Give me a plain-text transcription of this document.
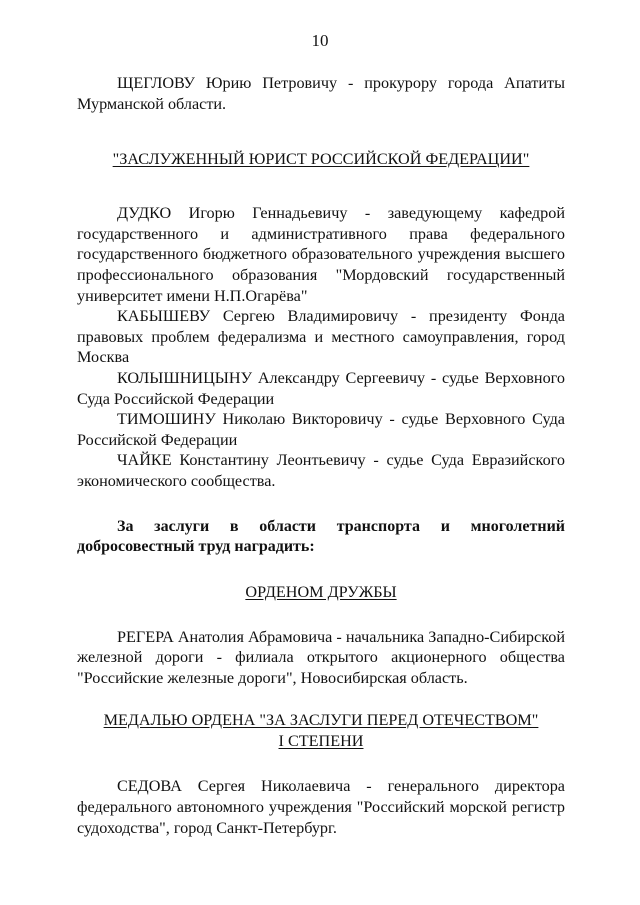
10

ЩЕГЛОВУ Юрию Петровичу - прокурору города Апатиты Мурманской области.

"ЗАСЛУЖЕННЫЙ ЮРИСТ РОССИЙСКОЙ ФЕДЕРАЦИИ"

ДУДКО Игорю Геннадьевичу - заведующему кафедрой государственного и административного права федерального государственного бюджетного образовательного учреждения высшего профессионального образования "Мордовский государственный университет имени Н.П.Огарёва"

КАБЫШЕВУ Сергею Владимировичу - президенту Фонда правовых проблем федерализма и местного самоуправления, город Москва

КОЛЫШНИЦЫНУ Александру Сергеевичу - судье Верховного Суда Российской Федерации

ТИМОШИНУ Николаю Викторовичу - судье Верховного Суда Российской Федерации

ЧАЙКЕ Константину Леонтьевичу - судье Суда Евразийского экономического сообщества.

За заслуги в области транспорта и многолетний добросовестный труд наградить:

ОРДЕНОМ ДРУЖБЫ

РЕГЕРА Анатолия Абрамовича - начальника Западно-Сибирской железной дороги - филиала открытого акционерного общества "Российские железные дороги", Новосибирская область.

МЕДАЛЬЮ ОРДЕНА "ЗА ЗАСЛУГИ ПЕРЕД ОТЕЧЕСТВОМ"
I СТЕПЕНИ

СЕДОВА Сергея Николаевича - генерального директора федерального автономного учреждения "Российский морской регистр судоходства", город Санкт-Петербург.
